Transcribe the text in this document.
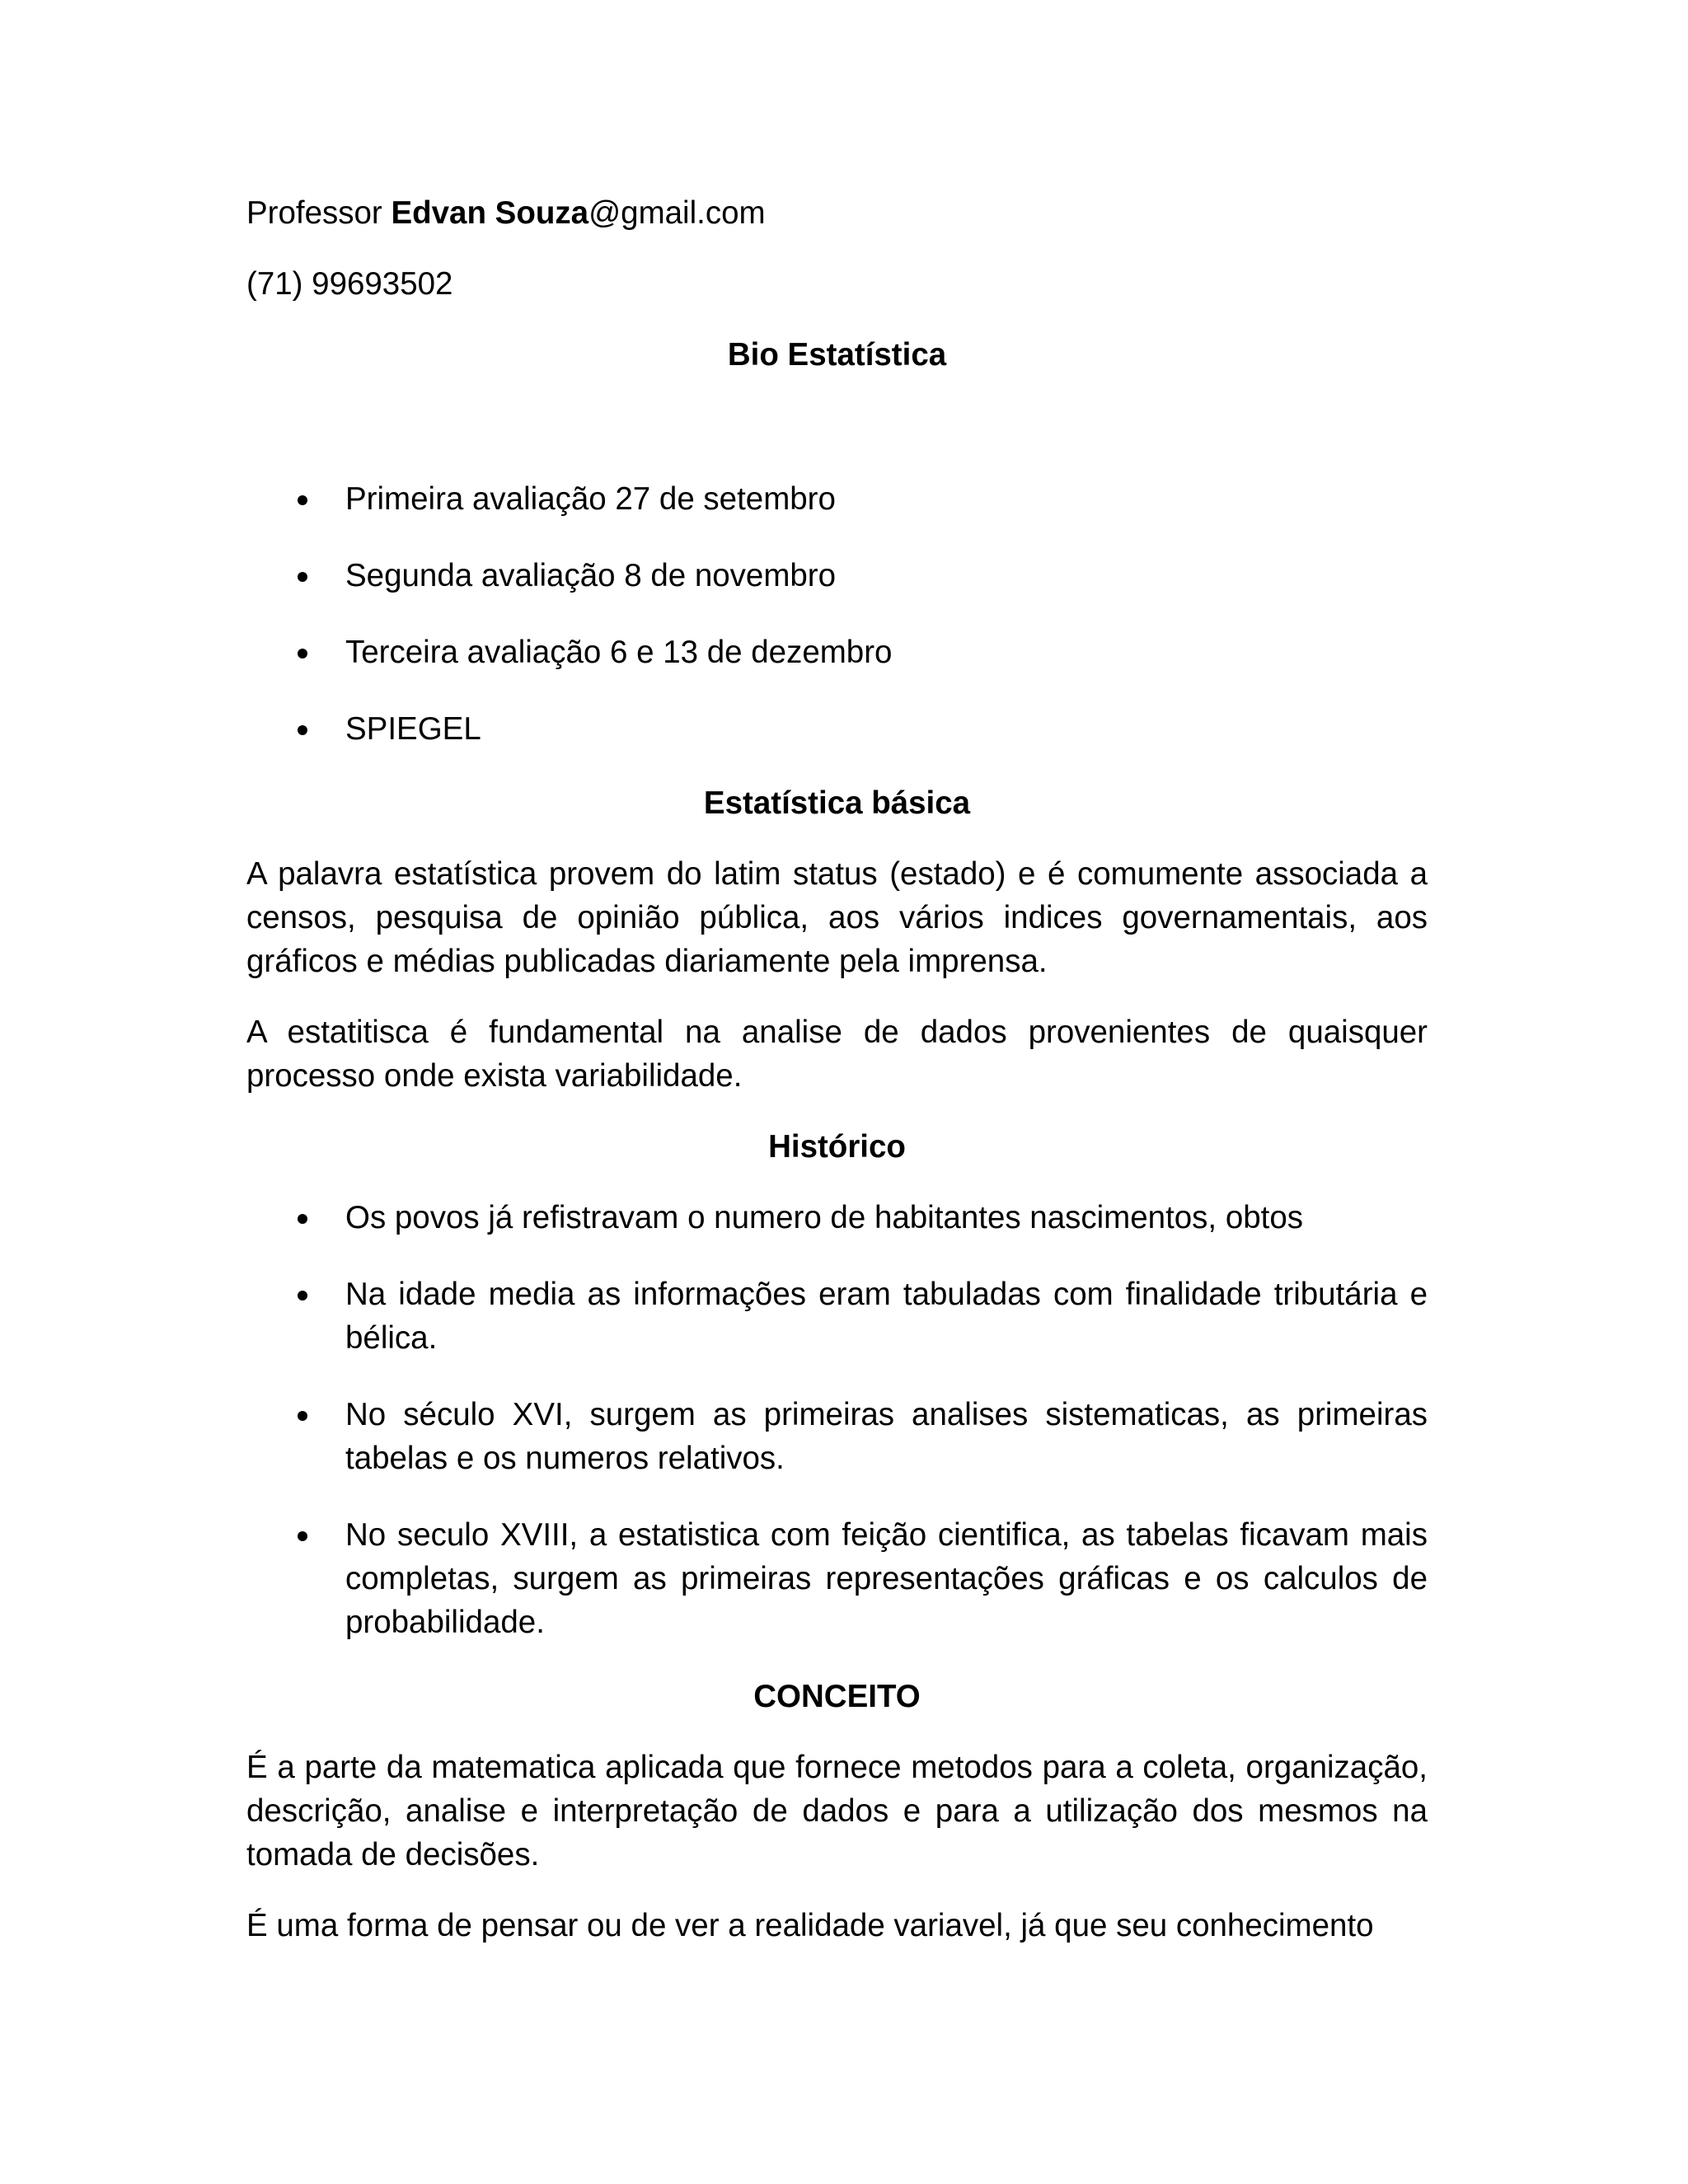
Professor Edvan Souza@gmail.com

(71) 99693502

Bio Estatística

Primeira avaliação 27 de setembro
Segunda avaliação 8 de novembro
Terceira avaliação 6 e 13 de dezembro
SPIEGEL

Estatística básica

A palavra estatística provem do latim status (estado) e é comumente associada a censos, pesquisa de opinião pública, aos vários indices governamentais, aos gráficos e médias publicadas diariamente pela imprensa.

A estatitisca é fundamental na analise de dados provenientes de quaisquer processo onde exista variabilidade.

Histórico

Os povos já refistravam o numero de habitantes nascimentos, obtos
Na idade media as informações eram tabuladas com finalidade tributária e bélica.
No século XVI, surgem as primeiras analises sistematicas, as primeiras tabelas e os numeros relativos.
No seculo XVIII, a estatistica com feição cientifica, as tabelas ficavam mais completas, surgem as primeiras representações gráficas e os calculos de probabilidade.

CONCEITO

É a parte da matematica aplicada que fornece metodos para a coleta, organização, descrição, analise e interpretação de dados e para a utilização dos mesmos na tomada de decisões.

É uma forma de pensar ou de ver a realidade variavel, já que seu conhecimento
